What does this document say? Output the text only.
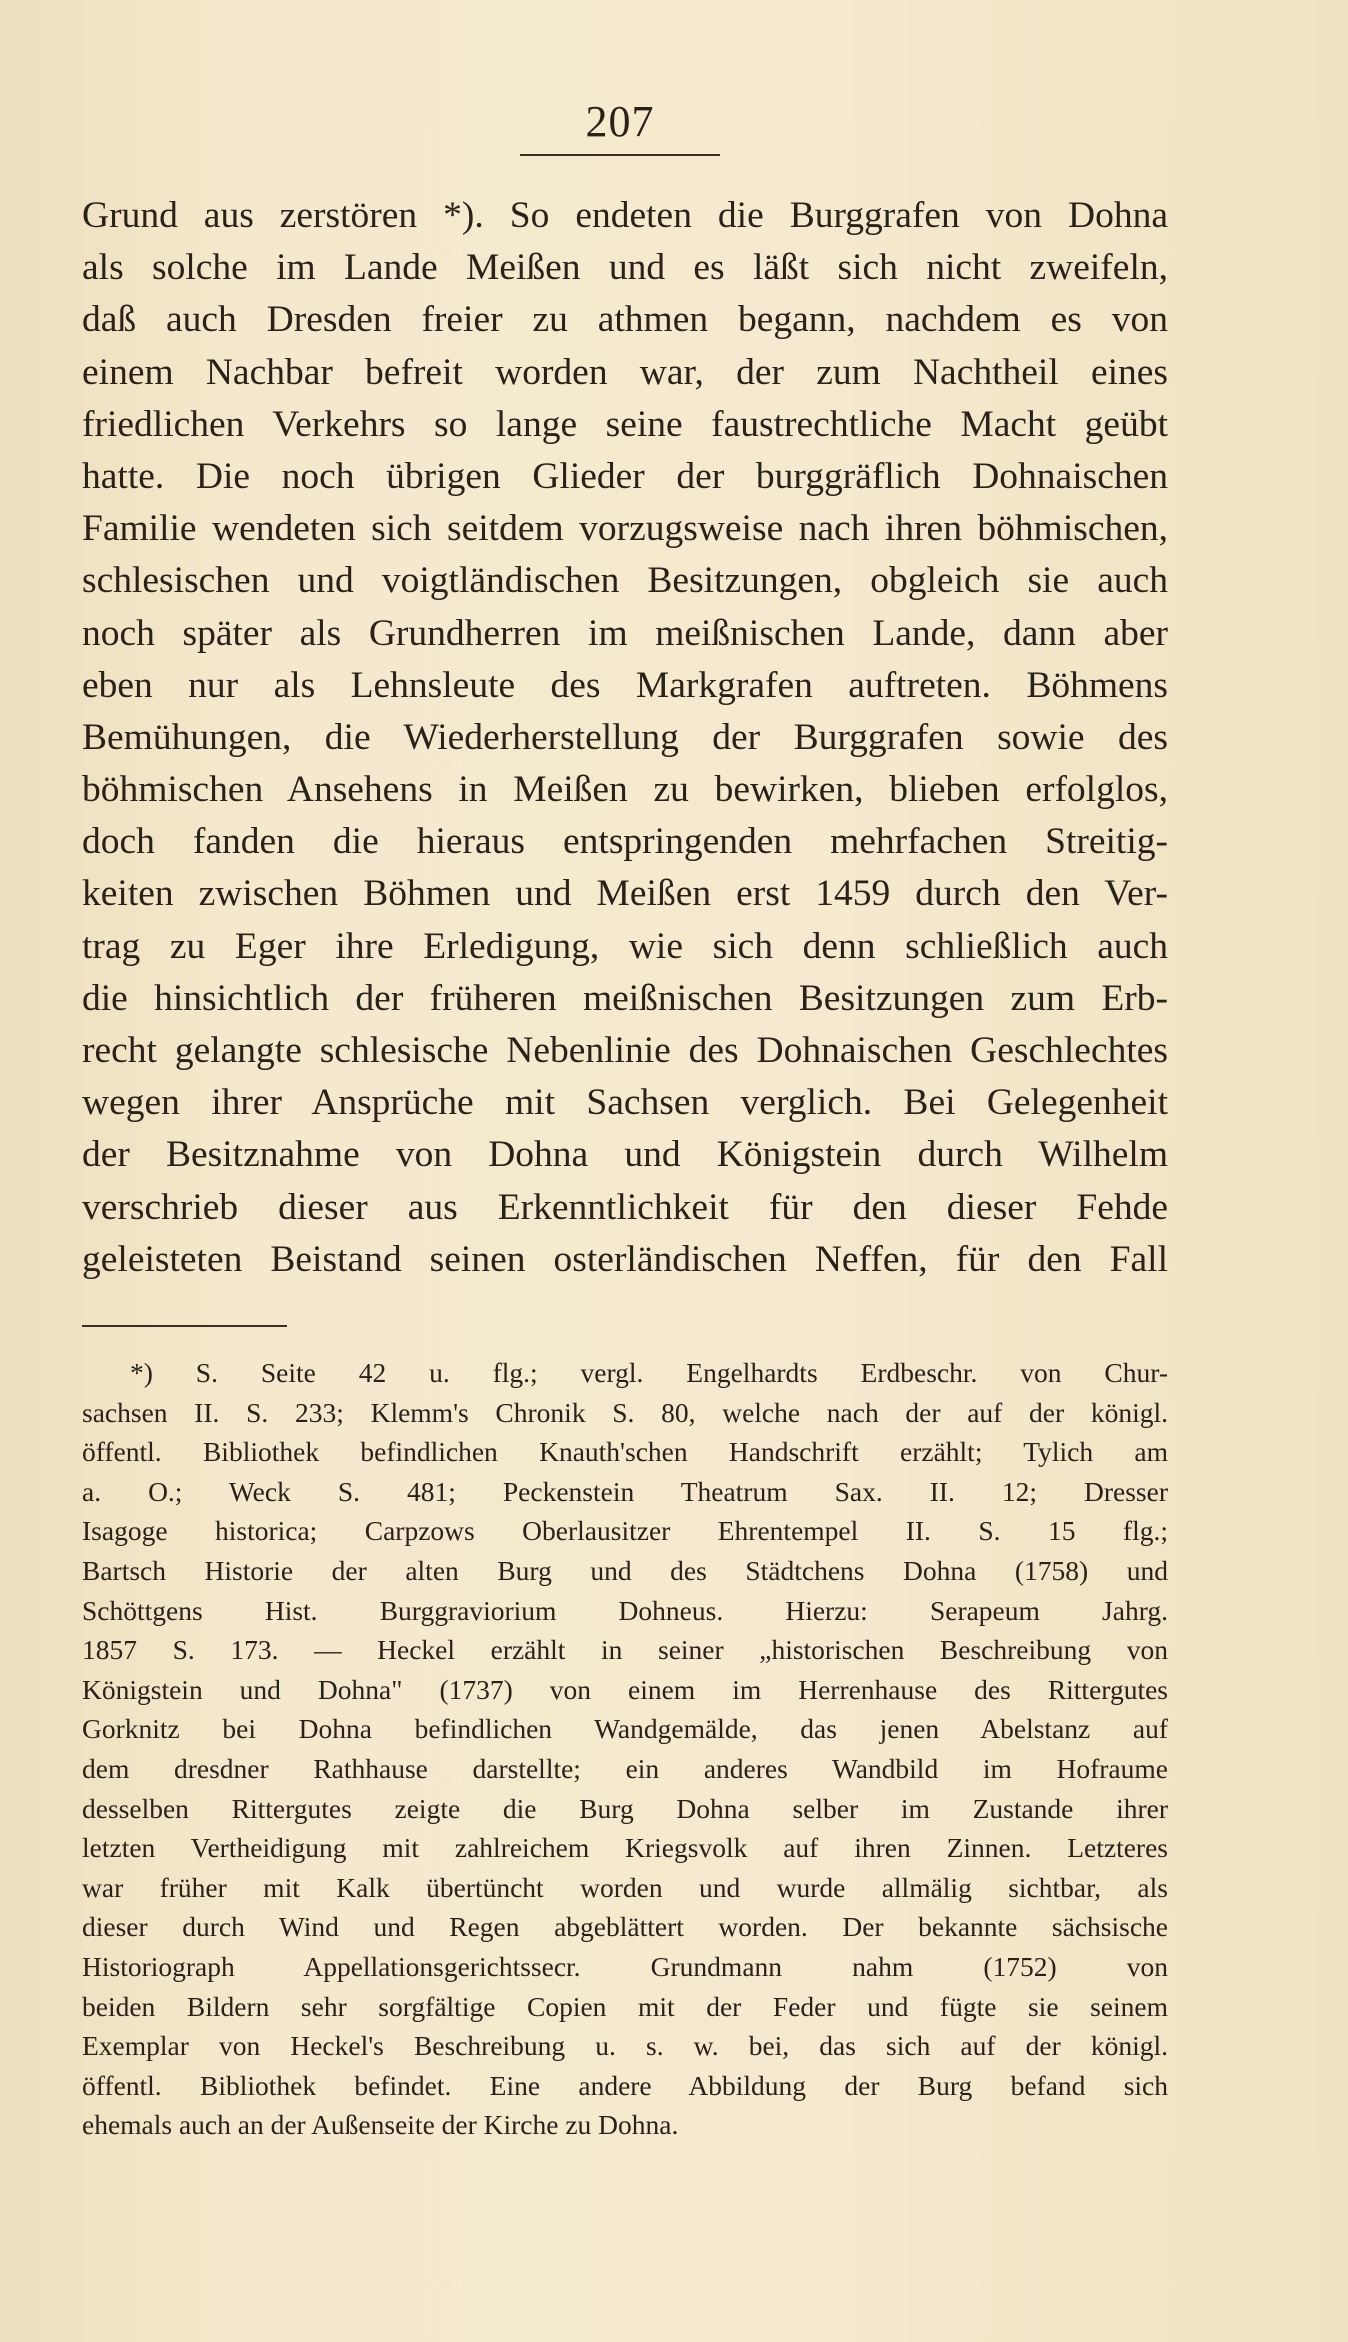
207
Grund aus zerstören *). So endeten die Burggrafen von Dohna
als solche im Lande Meißen und es läßt sich nicht zweifeln,
daß auch Dresden freier zu athmen begann, nachdem es von
einem Nachbar befreit worden war, der zum Nachtheil eines
friedlichen Verkehrs so lange seine faustrechtliche Macht geübt
hatte. Die noch übrigen Glieder der burggräflich Dohnaischen
Familie wendeten sich seitdem vorzugsweise nach ihren böhmischen,
schlesischen und voigtländischen Besitzungen, obgleich sie auch
noch später als Grundherren im meißnischen Lande, dann aber
eben nur als Lehnsleute des Markgrafen auftreten. Böhmens
Bemühungen, die Wiederherstellung der Burggrafen sowie des
böhmischen Ansehens in Meißen zu bewirken, blieben erfolglos,
doch fanden die hieraus entspringenden mehrfachen Streitig-
keiten zwischen Böhmen und Meißen erst 1459 durch den Ver-
trag zu Eger ihre Erledigung, wie sich denn schließlich auch
die hinsichtlich der früheren meißnischen Besitzungen zum Erb-
recht gelangte schlesische Nebenlinie des Dohnaischen Geschlechtes
wegen ihrer Ansprüche mit Sachsen verglich. Bei Gelegenheit
der Besitznahme von Dohna und Königstein durch Wilhelm
verschrieb dieser aus Erkenntlichkeit für den dieser Fehde
geleisteten Beistand seinen osterländischen Neffen, für den Fall
*) S. Seite 42 u. flg.; vergl. Engelhardts Erdbeschr. von Chur-
sachsen II. S. 233; Klemm's Chronik S. 80, welche nach der auf der königl.
öffentl. Bibliothek befindlichen Knauth'schen Handschrift erzählt; Tylich am
a. O.; Weck S. 481; Peckenstein Theatrum Sax. II. 12; Dresser
Isagoge historica; Carpzows Oberlausitzer Ehrentempel II. S. 15 flg.;
Bartsch Historie der alten Burg und des Städtchens Dohna (1758) und
Schöttgens Hist. Burggraviorium Dohneus. Hierzu: Serapeum Jahrg.
1857 S. 173. — Heckel erzählt in seiner „historischen Beschreibung von
Königstein und Dohna" (1737) von einem im Herrenhause des Rittergutes
Gorknitz bei Dohna befindlichen Wandgemälde, das jenen Abelstanz auf
dem dresdner Rathhause darstellte; ein anderes Wandbild im Hofraume
desselben Rittergutes zeigte die Burg Dohna selber im Zustande ihrer
letzten Vertheidigung mit zahlreichem Kriegsvolk auf ihren Zinnen. Letzteres
war früher mit Kalk übertüncht worden und wurde allmälig sichtbar, als
dieser durch Wind und Regen abgeblättert worden. Der bekannte sächsische
Historiograph Appellationsgerichtssecr. Grundmann nahm (1752) von
beiden Bildern sehr sorgfältige Copien mit der Feder und fügte sie seinem
Exemplar von Heckel's Beschreibung u. s. w. bei, das sich auf der königl.
öffentl. Bibliothek befindet. Eine andere Abbildung der Burg befand sich
ehemals auch an der Außenseite der Kirche zu Dohna.
